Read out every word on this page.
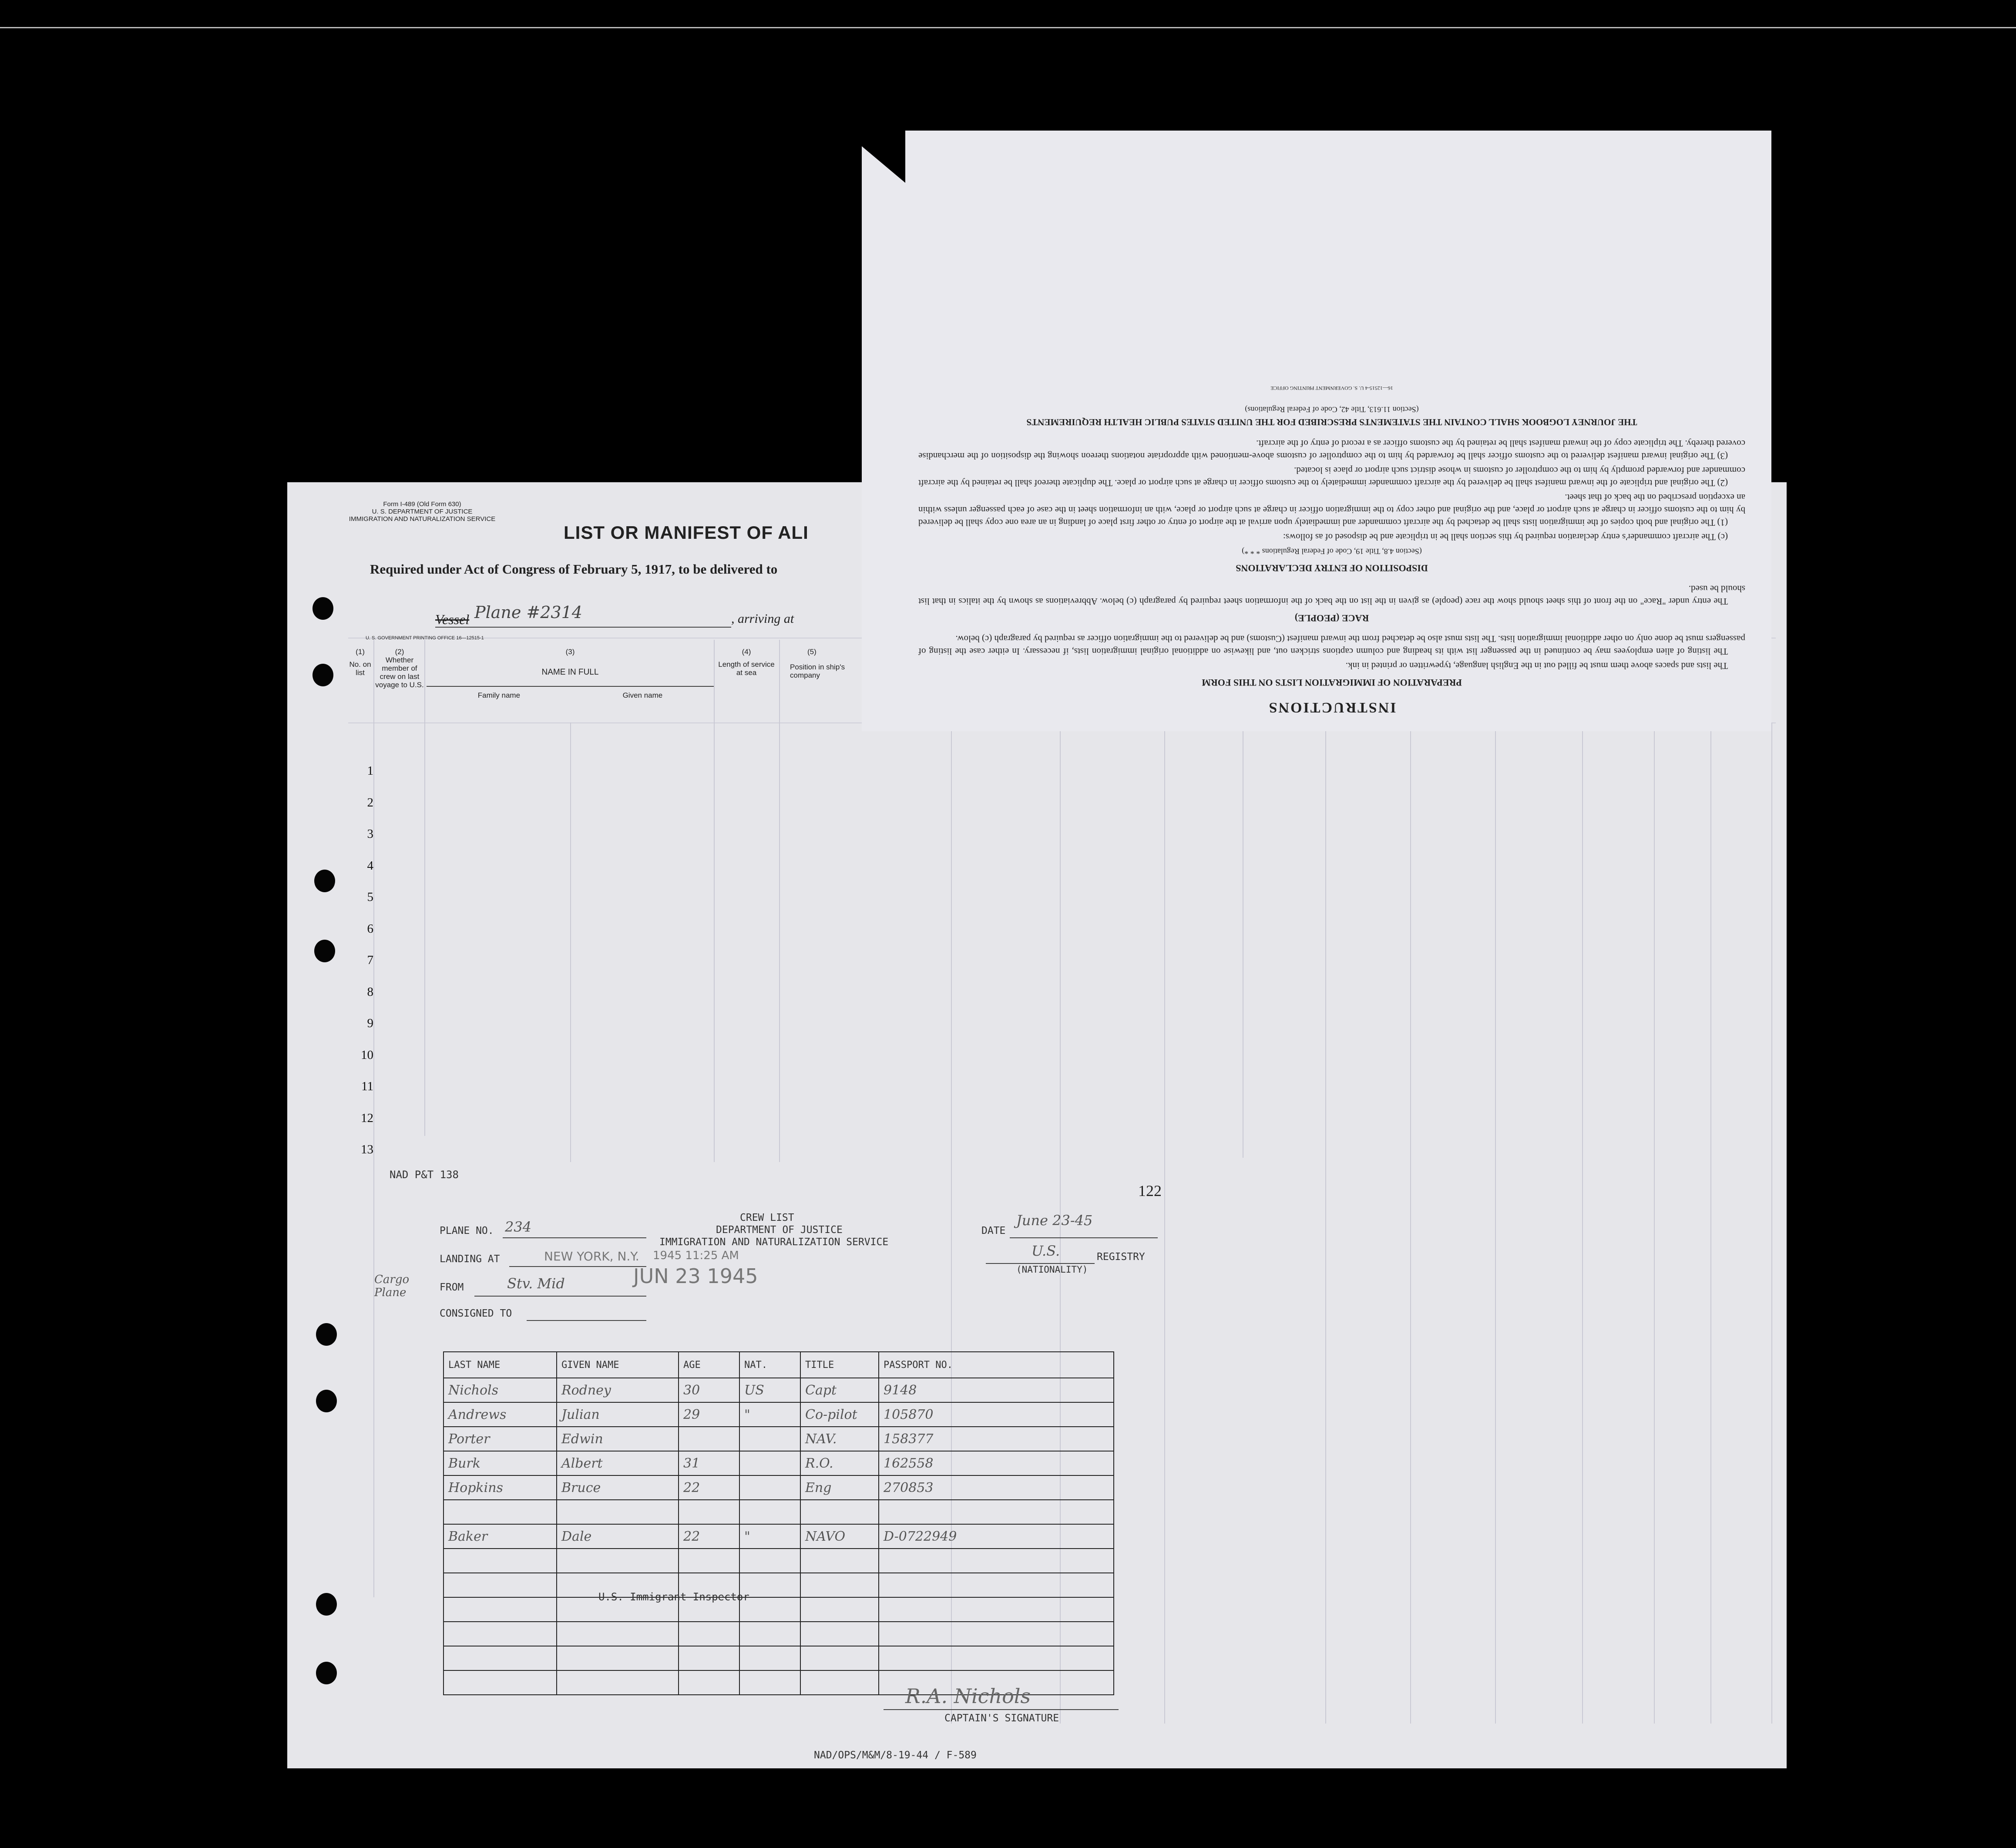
Form I-489 (Old Form 630)
U. S. DEPARTMENT OF JUSTICE
IMMIGRATION AND NATURALIZATION SERVICE
LIST OR MANIFEST OF ALI
Required under Act of Congress of February 5, 1917, to be delivered to
Vessel Plane #2314	, arriving at
U. S. GOVERNMENT PRINTING OFFICE 16—12515-1
(1)
No. on list
(2)
Whether member of crew on last voyage to U.S.
(3)
NAME IN FULL
Family name	Given name
(4)
Length of service at sea
(5)
Position in ship's company
1
2
3
4
5
6
7
8
9
10
11
12
13
INSTRUCTIONS
PREPARATION OF IMMIGRATION LISTS ON THIS FORM

The lists and spaces above them must be filled out in the English language, typewritten or printed in ink.

The listing of alien employees may be continued in the passenger list with its heading and column captions stricken out, and likewise on additional original immigration lists, if necessary. In either case the listing of passengers must be done only on other additional immigration lists. The lists must also be detached from the inward manifest (Customs) and be delivered to the immigration officer as required by paragraph (c) below.

RACE (PEOPLE)

The entry under "Race" on the front of this sheet should show the race (people) as given in the list on the back of the information sheet required by paragraph (c) below. Abbreviations as shown by the italics in that list should be used.

DISPOSITION OF ENTRY DECLARATIONS
(Section 4.8, Title 19, Code of Federal Regulations * * *)

(c) The aircraft commander's entry declaration required by this section shall be in triplicate and be disposed of as follows:

(1) The original and both copies of the immigration lists shall be detached by the aircraft commander and immediately upon arrival at the airport of entry or other first place of landing in an area one copy shall be delivered by him to the customs officer in charge at such airport or place, and the original and other copy to the immigration officer in charge at such airport or place, with an information sheet in the case of each passenger unless within an exception prescribed on the back of that sheet.

(2) The original and triplicate of the inward manifest shall be delivered by the aircraft commander immediately to the customs officer in charge at such airport or place. The duplicate thereof shall be retained by the aircraft commander and forwarded promptly by him to the comptroller of customs in whose district such airport or place is located.

(3) The original inward manifest delivered to the customs officer shall be forwarded by him to the comptroller of customs above-mentioned with appropriate notations thereon showing the disposition of the merchandise covered thereby. The triplicate copy of the inward manifest shall be retained by the customs officer as a record of entry of the aircraft.

THE JOURNEY LOGBOOK SHALL CONTAIN THE STATEMENTS PRESCRIBED FOR THE UNITED STATES PUBLIC HEALTH REQUIREMENTS
(Section 11.613, Title 42, Code of Federal Regulations)
16—12515-4 U. S. GOVERNMENT PRINTING OFFICE
122
NAD P&T 138
CREW LIST
DEPARTMENT OF JUSTICE
IMMIGRATION AND NATURALIZATION SERVICE
PLANE NO. 234
LANDING AT	NEW YORK, N.Y. 1945 11:25 AM
Cargo Plane	FROM	Stv. Mid	JUN 23 1945
CONSIGNED TO
DATE
June 23-45
U.S.	REGISTRY
(NATIONALITY)
LAST NAME	GIVEN NAME	AGE	NAT.	TITLE	PASSPORT NO.
Nichols	Rodney	30	US	Capt	9148
Andrews	Julian	29	"	Co-pilot	105870
Porter	Edwin			NAV.	158377
Burk	Albert	31		R.O.	162558
Hopkins	Bruce	22		Eng	270853

Baker	Dale	22	"	NAVO	D-0722949

U.S. Immigrant Inspector
R.A. Nichols
CAPTAIN'S SIGNATURE
NAD/OPS/M&M/8-19-44 / F-589
